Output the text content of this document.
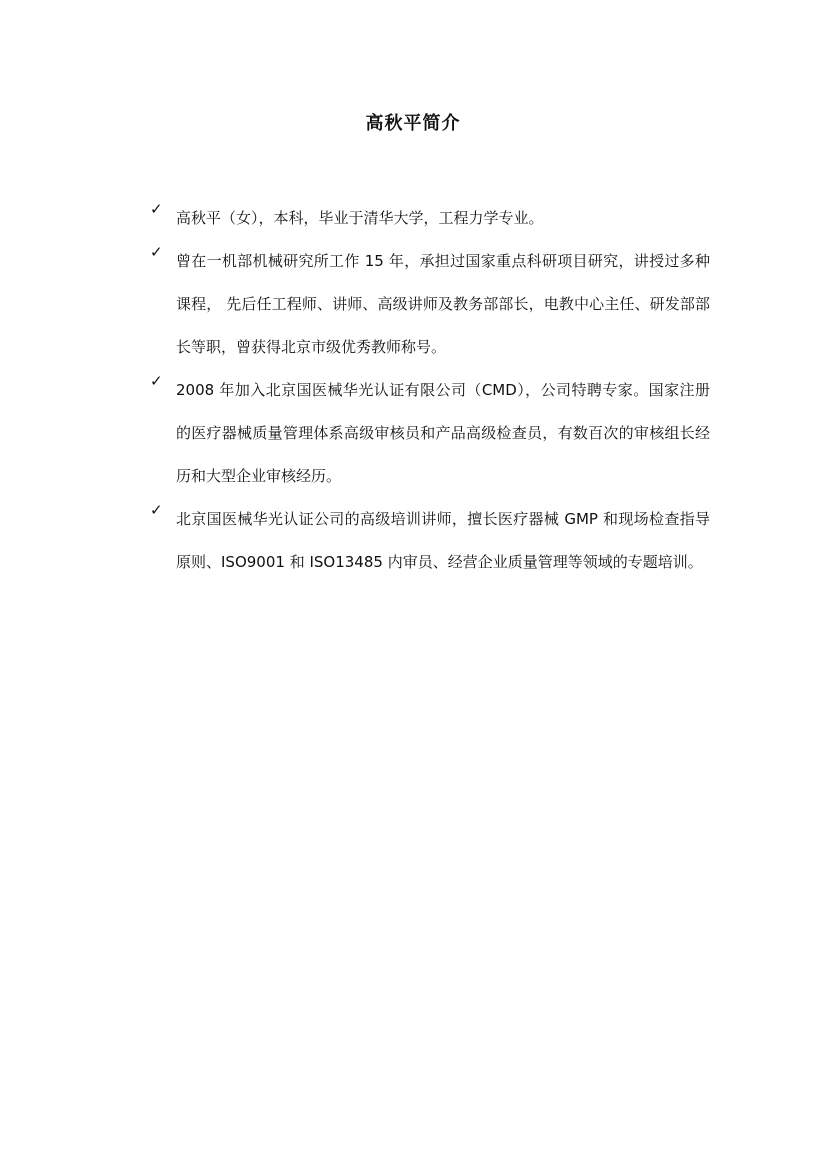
高秋平简介
✓ 高秋平（女），本科，毕业于清华大学，工程力学专业。
✓ 曾在一机部机械研究所工作 15 年，承担过国家重点科研项目研究，讲授过多种课程， 先后任工程师、讲师、高级讲师及教务部部长，电教中心主任、研发部部长等职，曾获得北京市级优秀教师称号。
✓ 2008 年加入北京国医械华光认证有限公司（CMD），公司特聘专家。国家注册的医疗器械质量管理体系高级审核员和产品高级检查员，有数百次的审核组长经历和大型企业审核经历。
✓ 北京国医械华光认证公司的高级培训讲师，擅长医疗器械 GMP 和现场检查指导原则、ISO9001 和 ISO13485 内审员、经营企业质量管理等领域的专题培训。
